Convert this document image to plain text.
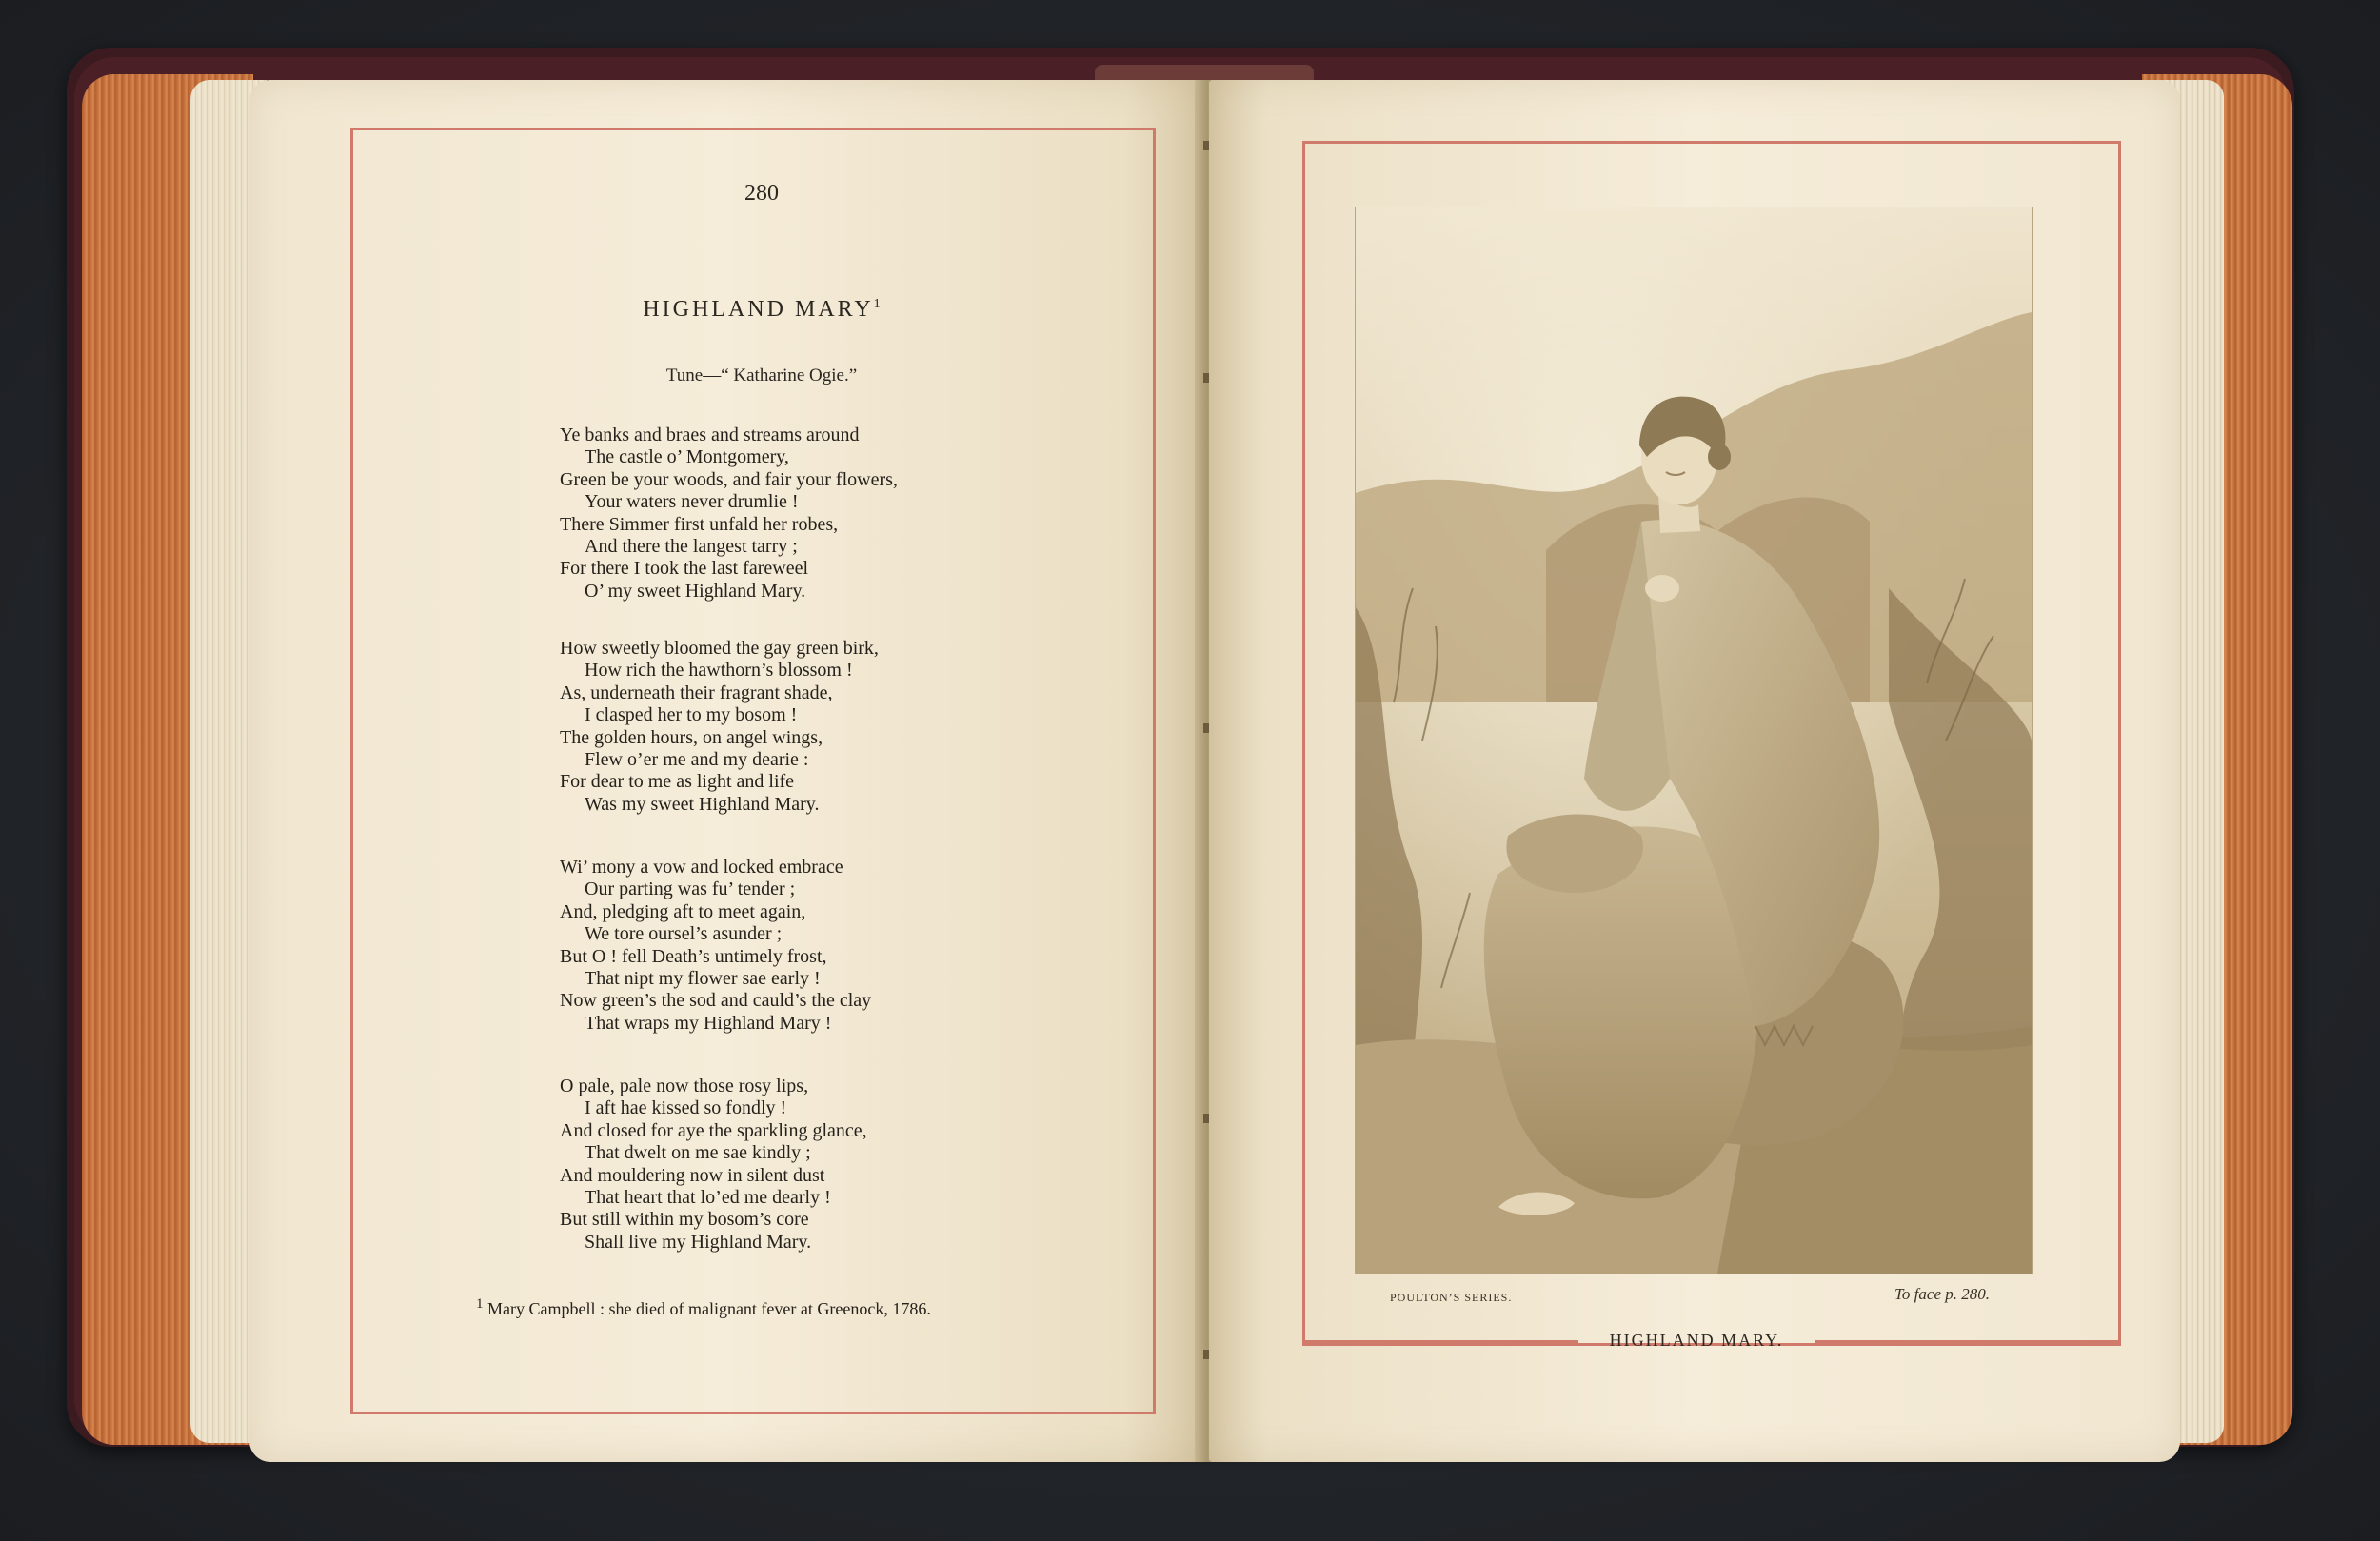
280
HIGHLAND MARY$^1$
Tune—“ Katharine Ogie.”
Ye banks and braes and streams around
The castle o’ Montgomery,
Green be your woods, and fair your flowers,
Your waters never drumlie !
There Simmer first unfald her robes,
And there the langest tarry ;
For there I took the last fareweel
O’ my sweet Highland Mary.
How sweetly bloomed the gay green birk,
How rich the hawthorn’s blossom !
As, underneath their fragrant shade,
I clasped her to my bosom !
The golden hours, on angel wings,
Flew o’er me and my dearie :
For dear to me as light and life
Was my sweet Highland Mary.
Wi’ mony a vow and locked embrace
Our parting was fu’ tender ;
And, pledging aft to meet again,
We tore oursel’s asunder ;
But O ! fell Death’s untimely frost,
That nipt my flower sae early !
Now green’s the sod and cauld’s the clay
That wraps my Highland Mary !
O pale, pale now those rosy lips,
I aft hae kissed so fondly !
And closed for aye the sparkling glance,
That dwelt on me sae kindly ;
And mouldering now in silent dust
That heart that lo’ed me dearly !
But still within my bosom’s core
Shall live my Highland Mary.
$^1$ Mary Campbell : she died of malignant fever at Greenock, 1786.
POULTON’S SERIES.	To face p. 280.
HIGHLAND MARY.
